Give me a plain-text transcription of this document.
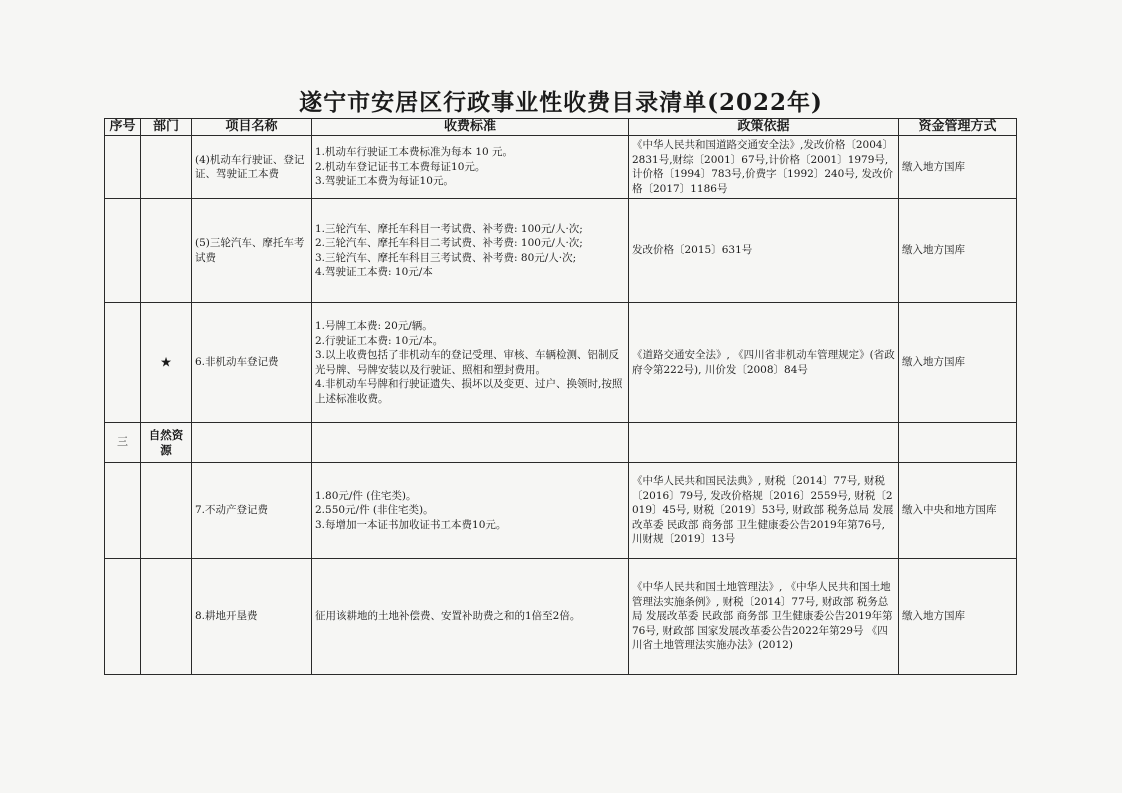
遂宁市安居区行政事业性收费目录清单(2022年)
序号	部门	项目名称	收费标准	政策依据	资金管理方式
		(4)机动车行驶证、登记证、驾驶证工本费	1.机动车行驶证工本费标准为每本 10 元。
2.机动车登记证书工本费每证10元。
3.驾驶证工本费为每证10元。	《中华人民共和国道路交通安全法》,发改价格〔2004〕2831号,财综〔2001〕67号,计价格〔2001〕1979号,计价格〔1994〕783号,价费字〔1992〕240号, 发改价格〔2017〕1186号	缴入地方国库
		(5)三轮汽车、摩托车考试费	1.三轮汽车、摩托车科目一考试费、补考费: 100元/人·次;
2.三轮汽车、摩托车科目二考试费、补考费: 100元/人·次;
3.三轮汽车、摩托车科目三考试费、补考费: 80元/人·次;
4.驾驶证工本费: 10元/本	发改价格〔2015〕631号	缴入地方国库
	★	6.非机动车登记费	1.号牌工本费: 20元/辆。
2.行驶证工本费: 10元/本。
3.以上收费包括了非机动车的登记受理、审核、车辆检测、铝制反光号牌、号牌安装以及行驶证、照相和塑封费用。
4.非机动车号牌和行驶证遗失、损坏以及变更、过户、换领时,按照上述标准收费。	《道路交通安全法》, 《四川省非机动车管理规定》(省政府令第222号), 川价发〔2008〕84号	缴入地方国库
三	自然资源				
		7.不动产登记费	1.80元/件 (住宅类)。
2.550元/件 (非住宅类)。
3.每增加一本证书加收证书工本费10元。	《中华人民共和国民法典》, 财税〔2014〕77号, 财税〔2016〕79号, 发改价格规〔2016〕2559号, 财税〔2019〕45号, 财税〔2019〕53号, 财政部 税务总局 发展改革委 民政部 商务部 卫生健康委公告2019年第76号, 川财规〔2019〕13号	缴入中央和地方国库
		8.耕地开垦费	征用该耕地的土地补偿费、安置补助费之和的1倍至2倍。	《中华人民共和国土地管理法》, 《中华人民共和国土地管理法实施条例》, 财税〔2014〕77号, 财政部 税务总局 发展改革委 民政部 商务部 卫生健康委公告2019年第76号, 财政部 国家发展改革委公告2022年第29号 《四川省土地管理法实施办法》(2012)	缴入地方国库
